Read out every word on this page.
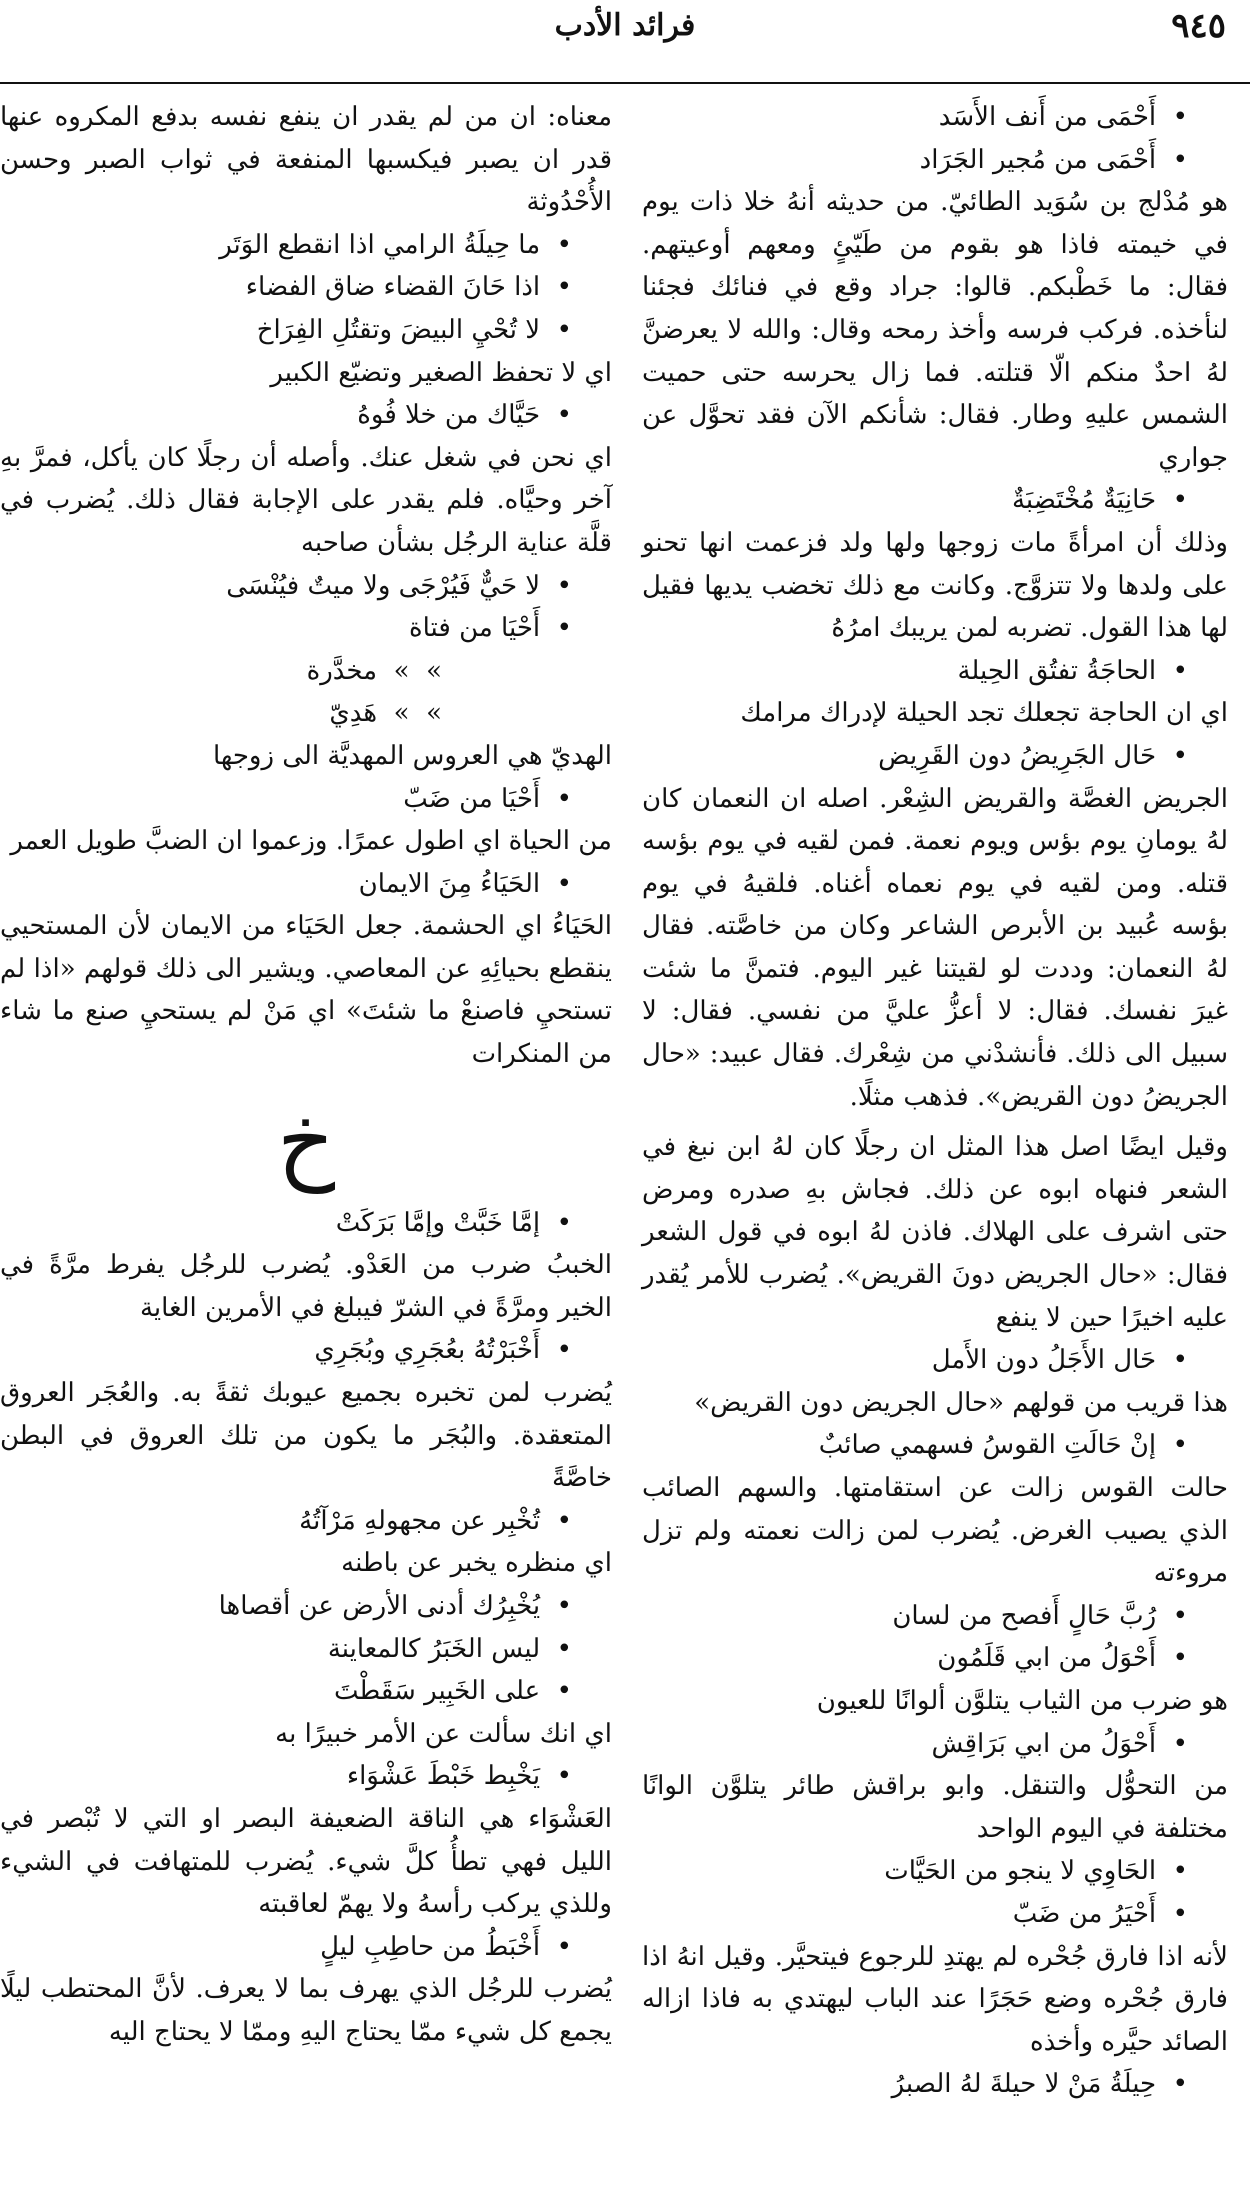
٩٤٥
فرائد الأدب
•  أَحْمَى من أَنف الأَسَد
•  أَحْمَى من مُجير الجَرَاد
هو مُدْلج بن سُوَيد الطائيّ. من حديثه أنهُ خلا ذات يوم في خيمته فاذا هو بقوم من طَيّئٍ ومعهم أوعيتهم. فقال: ما خَطْبكم. قالوا: جراد وقع في فنائك فجئنا لنأخذه. فركب فرسه وأخذ رمحه وقال: والله لا يعرضنَّ لهُ احدٌ منكم الّا قتلته. فما زال يحرسه حتى حميت الشمس عليهِ وطار. فقال: شأنكم الآن فقد تحوَّل عن جواري
•  حَانِيَةٌ مُخْتَضِبَةٌ
وذلك أن امرأةً مات زوجها ولها ولد فزعمت انها تحنو على ولدها ولا تتزوَّج. وكانت مع ذلك تخضب يديها فقيل لها هذا القول. تضربه لمن يريبك امرُهُ
•  الحاجَةُ تفتُق الحِيلة
اي ان الحاجة تجعلك تجد الحيلة لإدراك مرامك
•  حَال الجَرِيضُ دون القَرِيض
الجريض الغصَّة والقريض الشِعْر. اصله ان النعمان كان لهُ يومانِ يوم بؤس ويوم نعمة. فمن لقيه في يوم بؤسه قتله. ومن لقيه في يوم نعماه أغناه. فلقيهُ في يوم بؤسه عُبيد بن الأبرص الشاعر وكان من خاصَّته. فقال لهُ النعمان: وددت لو لقيتنا غير اليوم. فتمنَّ ما شئت غيرَ نفسك. فقال: لا أعزُّ عليَّ من نفسي. فقال: لا سبيل الى ذلك. فأنشدْني من شِعْرك. فقال عبيد: «حال الجريضُ دون القريض». فذهب مثلًا.
وقيل ايضًا اصل هذا المثل ان رجلًا كان لهُ ابن نبغ في الشعر فنهاه ابوه عن ذلك. فجاش بهِ صدره ومرض حتى اشرف على الهلاك. فاذن لهُ ابوه في قول الشعر فقال: «حال الجريض دونَ القريض». يُضرب للأمر يُقدر عليه اخيرًا حين لا ينفع
•  حَال الأَجَلُ دون الأَمل
هذا قريب من قولهم «حال الجريض دون القريض»
•  إنْ حَالَتِ القوسُ فسهمي صائبٌ
حالت القوس زالت عن استقامتها. والسهم الصائب الذي يصيب الغرض. يُضرب لمن زالت نعمته ولم تزل مروءته
•  رُبَّ حَالٍ أَفصح من لسان
•  أَحْوَلُ من ابي قَلَمُون
هو ضرب من الثياب يتلوَّن ألوانًا للعيون
•  أَحْوَلُ من ابي بَرَاقِش
من التحوُّل والتنقل. وابو براقش طائر يتلوَّن الوانًا مختلفة في اليوم الواحد
•  الحَاوِي لا ينجو من الحَيَّات
•  أَحْيَرُ من ضَبّ
لأنه اذا فارق جُحْره لم يهتدِ للرجوع فيتحيَّر. وقيل انهُ اذا فارق جُحْره وضع حَجَرًا عند الباب ليهتدي به فاذا ازاله الصائد حيَّره وأخذه
•  حِيلَةُ مَنْ لا حيلةَ لهُ الصبرُ
معناه: ان من لم يقدر ان ينفع نفسه بدفع المكروه عنها قدر ان يصبر فيكسبها المنفعة في ثواب الصبر وحسن الأُحْدُوثة
•  ما حِيلَةُ الرامي اذا انقطع الوَتَر
•  اذا حَانَ القضاء ضاق الفضاء
•  لا تُحْيِ البيضَ وتقتُلِ الفِرَاخ
اي لا تحفظ الصغير وتضيّع الكبير
•  حَيَّاك من خلا فُوهُ
اي نحن في شغل عنك. وأصله أن رجلًا كان يأكل، فمرَّ بهِ آخر وحيَّاه. فلم يقدر على الإجابة فقال ذلك. يُضرب في قلَّة عناية الرجُل بشأن صاحبه
•  لا حَيٌّ فَيُرْجَى ولا ميتٌ فيُنْسَى
•  أَحْيَا من فتاة
»  »  مخدَّرة
»  »  هَدِيّ
الهديّ هي العروس المهديَّة الى زوجها
•  أَحْيَا من ضَبّ
من الحياة اي اطول عمرًا. وزعموا ان الضبَّ طويل العمر
•  الحَيَاءُ مِنَ الايمان
الحَيَاءُ اي الحشمة. جعل الحَيَاء من الايمان لأن المستحيي ينقطع بحيائِهِ عن المعاصي. ويشير الى ذلك قولهم «اذا لم تستحيِ فاصنعْ ما شئتَ» اي مَنْ لم يستحيِ صنع ما شاء من المنكرات
خ
•  إمَّا خَبَّتْ وإمَّا بَرَكَتْ
الخببُ ضرب من العَدْو. يُضرب للرجُل يفرط مرَّةً في الخير ومرَّةً في الشرّ فيبلغ في الأمرين الغاية
•  أَخْبَرْتُهُ بعُجَرِي وبُجَرِي
يُضرب لمن تخبره بجميع عيوبك ثقةً به. والعُجَر العروق المتعقدة. والبُجَر ما يكون من تلك العروق في البطن خاصَّةً
•  تُخْبِر عن مجهولهِ مَرْآتُهُ
اي منظره يخبر عن باطنه
•  يُخْبِرُك أدنى الأرض عن أقصاها
•  ليس الخَبَرُ كالمعاينة
•  على الخَبِير سَقَطْتَ
اي انك سألت عن الأمر خبيرًا به
•  يَخْبِط خَبْطَ عَشْوَاء
العَشْوَاء هي الناقة الضعيفة البصر او التي لا تُبْصر في الليل فهي تطأُ كلَّ شيء. يُضرب للمتهافت في الشيء وللذي يركب رأسهُ ولا يهمّ لعاقبته
•  أَخْبَطُ من حاطِبِ ليلٍ
يُضرب للرجُل الذي يهرف بما لا يعرف. لأنَّ المحتطب ليلًا يجمع كل شيء ممّا يحتاج اليهِ وممّا لا يحتاج اليه
